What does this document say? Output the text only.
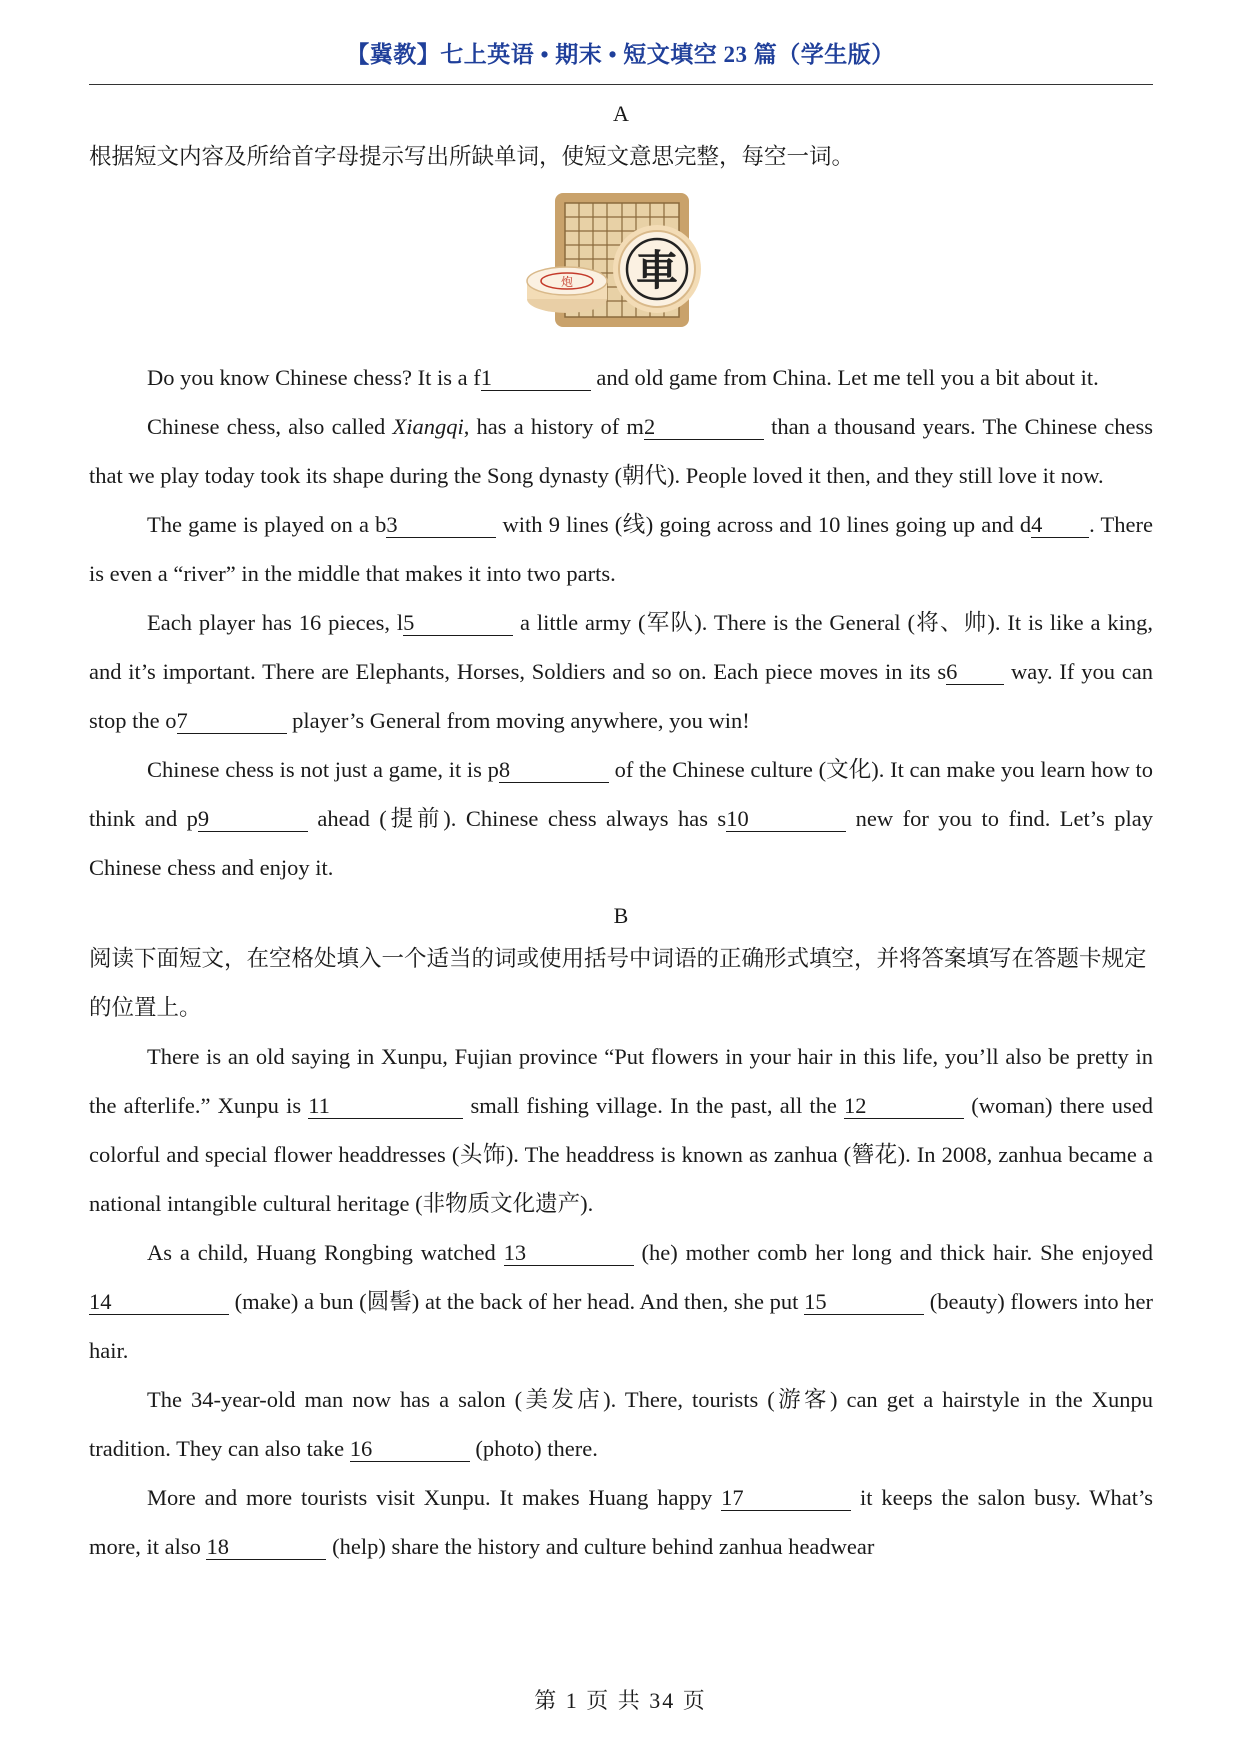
【冀教】七上英语 • 期末 • 短文填空 23 篇（学生版）
A
根据短文内容及所给首字母提示写出所缺单词，使短文意思完整，每空一词。
炮 車
Do you know Chinese chess? It is a f1	and old game from China. Let me tell you a bit about it.
Chinese chess, also called Xiangqi, has a history of m2	than a thousand years. The Chinese chess that we play today took its shape during the Song dynasty (朝代). People loved it then, and they still love it now.
The game is played on a b3	with 9 lines (线) going across and 10 lines going up and d4 . There is even a “river” in the middle that makes it into two parts.
Each player has 16 pieces, l5	a little army (军队). There is the General (将、帅). It is like a king, and it’s important. There are Elephants, Horses, Soldiers and so on. Each piece moves in its s6 way. If you can stop the o7	player’s General from moving anywhere, you win!
Chinese chess is not just a game, it is p8	of the Chinese culture (文化). It can make you learn how to think and p9	ahead (提前). Chinese chess always has s10	new for you to find. Let’s play Chinese chess and enjoy it.
B
阅读下面短文，在空格处填入一个适当的词或使用括号中词语的正确形式填空，并将答案填写在答题卡规定的位置上。
There is an old saying in Xunpu, Fujian province “Put flowers in your hair in this life, you’ll also be pretty in the afterlife.” Xunpu is 11	small fishing village. In the past, all the 12	(woman) there used colorful and special flower headdresses (头饰). The headdress is known as zanhua (簪花). In 2008, zanhua became a national intangible cultural heritage (非物质文化遗产).
As a child, Huang Rongbing watched 13	(he) mother comb her long and thick hair. She enjoyed 14	(make) a bun (圆髻) at the back of her head. And then, she put 15	(beauty) flowers into her hair.
The 34-year-old man now has a salon (美发店). There, tourists (游客) can get a hairstyle in the Xunpu tradition. They can also take 16	(photo) there.
More and more tourists visit Xunpu. It makes Huang happy 17	it keeps the salon busy. What’s more, it also 18	(help) share the history and culture behind zanhua headwear
第 1 页 共 34 页
